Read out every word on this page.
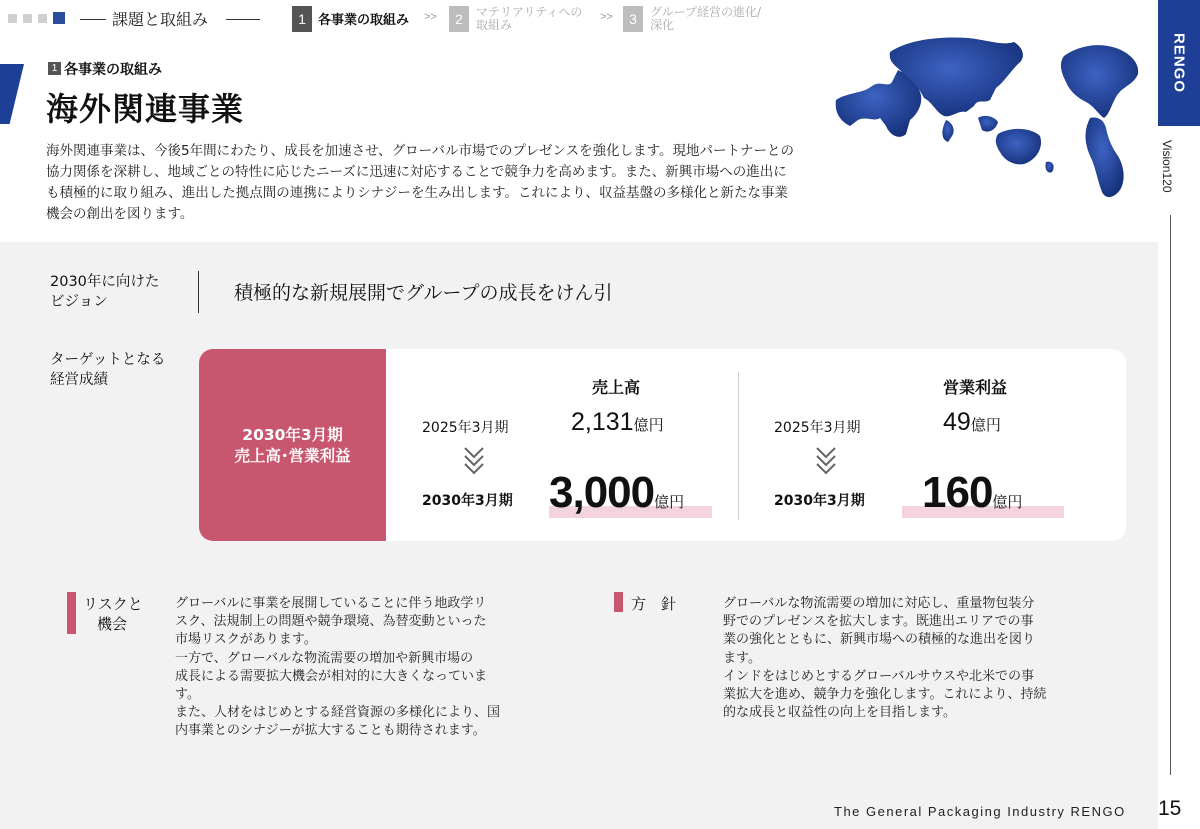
課題と取組み	1 各事業の取組み >>	2	マテリアリティへの
取組み
>>	3	グループ経営の進化/
深化
RENGO
Vision120
1 各事業の取組み
海外関連事業
海外関連事業は、今後5年間にわたり、成長を加速させ、グローバル市場でのプレゼンスを強化します。現地パートナーとの協力関係を深耕し、地域ごとの特性に応じたニーズに迅速に対応することで競争力を高めます。また、新興市場への進出にも積極的に取り組み、進出した拠点間の連携によりシナジーを生み出します。これにより、収益基盤の多様化と新たな事業機会の創出を図ります。
2030年に向けた
ビジョン	積極的な新規展開でグループの成長をけん引
ターゲットとなる
経営成績
2030年3月期
売上高･営業利益
売上高
2025年3月期 2,131億円
2030年3月期 3,000億円
営業利益
2025年3月期	49億円
2030年3月期 160億円
リスクと
機会
グローバルに事業を展開していることに伴う地政学リ
スク、法規制上の問題や競争環境、為替変動といった
市場リスクがあります。
一方で、グローバルな物流需要の増加や新興市場の
成長による需要拡大機会が相対的に大きくなっていま
す。
また、人材をはじめとする経営資源の多様化により、国
内事業とのシナジーが拡大することも期待されます。
方　針	グローバルな物流需要の増加に対応し、重量物包装分
野でのプレゼンスを拡大します。既進出エリアでの事
業の強化とともに、新興市場への積極的な進出を図り
ます。
インドをはじめとするグローバルサウスや北米での事
業拡大を進め、競争力を強化します。これにより、持続
的な成長と収益性の向上を目指します。
The General Packaging Industry RENGO 15
